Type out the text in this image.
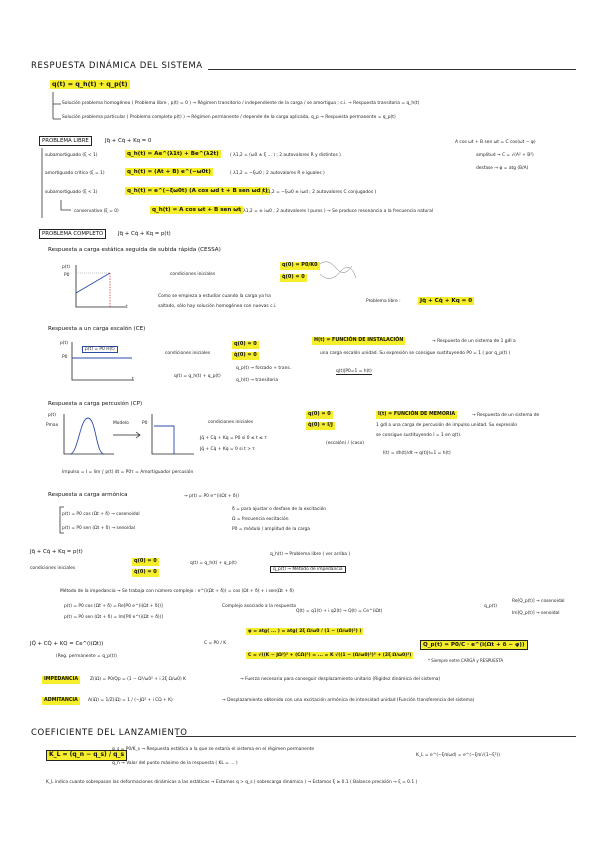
RESPUESTA DINÁMICA DEL SISTEMA
q(t) = q_h(t) + q_p(t)
Solución problema homogéneo ( Problema libre , p(t) = 0 ) → Régimen transitorio / independiente de la carga / se amortigua ; c.i. → Respuesta transitoria = q_h(t)
Solución problema particular ( Problema completo p(t) ) → Régimen permanente / depende de la carga aplicada, q_p → Respuesta permanente = q_p(t)
PROBLEMA LIBRE	Jq̈ + Cq̇ + Kq = 0	A cos ωt + B sen ωt = C cos(ωt − φ)
amplitud → C = √(A² + B²)
desfase → φ = atg (B/A)
subamortiguado (ξ < 1)	q_h(t) = Ae^(λ1t) + Be^(λ2t)	( λ1,2 = (ω0 ± ξ ... ) ; 2 autovalores R y distintos )
amortiguado crítico (ξ = 1)	q_h(t) = (At + B) e^(−ω0t)	( λ1,2 = −ξω0 ; 2 autovalores R e iguales )
subamortiguado (ξ < 1)	q_h(t) = e^(−ξω0t) (A cos ωd t + B sen ωd t)
( λ1,2 = −ξω0 ± iωd ; 2 autovalores C conjugados )
conservativo (ξ = 0)	q_h(t) = A cos ωt + B sen ωt ( λ1,2 = ± iω0 ; 2 autovalores I puros ) → Se produce resonancia a la frecuencia natural
PROBLEMA COMPLETO	Jq̈ + Cq̇ + Kq = p(t)
Respuesta a carga estática seguida de subida rápida (CESSA)
p(t)
P0
t
condiciones iniciales
q(0) = P0/K0
q̇(0) = 0
Como se empieza a estudiar cuando la carga ya ha
saltado, sólo hay solución homogénea con nuevas c.i.
Problema libre :	Jq̈ + Cq̇ + Kq = 0
Respuesta a un carga escalón (CE)
p(t)
P0
t
p(t) = P0 H(t)
condiciones iniciales
q(0) = 0
q̇(0) = 0
q(t) = q_h(t) + q_p(t)
q_p(t) → forzado + trans.
q_h(t) → transitoria
H(t) = FUNCIÓN DE INSTALACIÓN	→ Respuesta de un sistema de 1 gdl a
una carga escalón unidad. Su expresión se consigue sustituyendo P0 = 1 ( por q_p(t) )
q(t)|P0=1 = h(t)
Respuesta a carga percusión (CP)
p(t)
Pmax	Modelo	P0	condiciones iniciales
q(0) = 0
q̇(0) = I/J
Jq̈ + Cq̇ + Kq = P0 si 0 ≤ t ≤ τ
Jq̈ + Cq̇ + Kq = 0 si t > τ
(escalón) / (caso)
Impulso = I = lim ∫ p(t) dt = P0τ = Amortiguador percusión
I(t) = FUNCIÓN DE MEMORIA	→ Respuesta de un sistema de
1 gdl a una carga de percusión de impulso unidad. Su expresión
se consigue sustituyendo I = 1 en q(t).
I(t) = dh(t)/dt → q(t)|I=1 = h(t)
Respuesta a carga armónica	→ p(t) = P0 e^(i(Ωt + δ))
p(t) = P0 cos (Ωt + δ) → cosenoidal
p(t) = P0 sen (Ωt + δ) → senoidal
δ = para ajustar o desfase de la excitación
Ω = frecuencia excitación
P0 = módulo / amplitud de la carga
Jq̈ + Cq̇ + Kq = p(t)
condiciones iniciales
q(0) = 0
q̇(0) = 0
q(t) = q_h(t) + q_p(t)
q_h(t) → Problema libre ( ver arriba )
q_p(t) → Método de impedancia
Método de la impedancia → Se trabaja con número complejo : e^(i(Ωt + δ)) = cos (Ωt + δ) + i sen(Ωt + δ)
p(t) = P0 cos (Ωt + δ) = Re[P0 e^(i(Ωt + δ))]
p(t) = P0 sen (Ωt + δ) = Im[P0 e^(i(Ωt + δ))]
Complejo asociado a la respuesta
Q(t) = q1(t) + i q2(t) → Q(t) = Ce^(iΩt)
q_p(t)
Re[Q_p(t)] → cosenoidal
Im[Q_p(t)] → senoidal
JQ̈ + CQ̇ + KQ = Ce^(i(Ωt))
(Reg. permanente = q_p(t))
C = P0 / K
φ = atg( ... ) = atg( 2ξ Ω/ω0 / (1 − (Ω/ω0)²) )
C = √((K − JΩ²)² + (CΩ)²) = ... = K √((1 − (Ω/ω0)²)² + (2ξ Ω/ω0)²)
Q_p(t) = P0/C · e^(i(Ωt + δ − φ))
* Siempre entre CARGA y RESPUESTA
IMPEDANCIA	Z(iΩ) = P0/Qp = (1 − Ω²/ω0² + i 2ξ Ω/ω0) K	→ Fuerza necesaria para conseguir desplazamiento unitario (Rigidez dinámica del sistema)
ADMITANCIA	A(iΩ) = 1/Z(iΩ) = 1 / (−JΩ² + i CΩ + K)	→ Desplazamiento obtenido con una excitación armónica de intensidad unidad (Función transferencia del sistema)
COEFICIENTE DEL LANZAMIENTO
K_L = (q_n − q_s) / q_s
q_s = P0/K_s → Respuesta estática a la que se estaría el sistema en el régimen permanente
q_n → Valor del punto máximo de la respuesta ( KL = ... )
K_L = e^(−ξπ/ωd) = e^(−ξπ/√(1−ξ²))
K_L indica cuanto sobrepasan las deformaciones dinámicas a las estáticas → Estamos q > q_s ( sobrecarga dinámica ) → Estamos ξ ≥ 0.1 ( Balance precisión → ξ = 0.1 )
